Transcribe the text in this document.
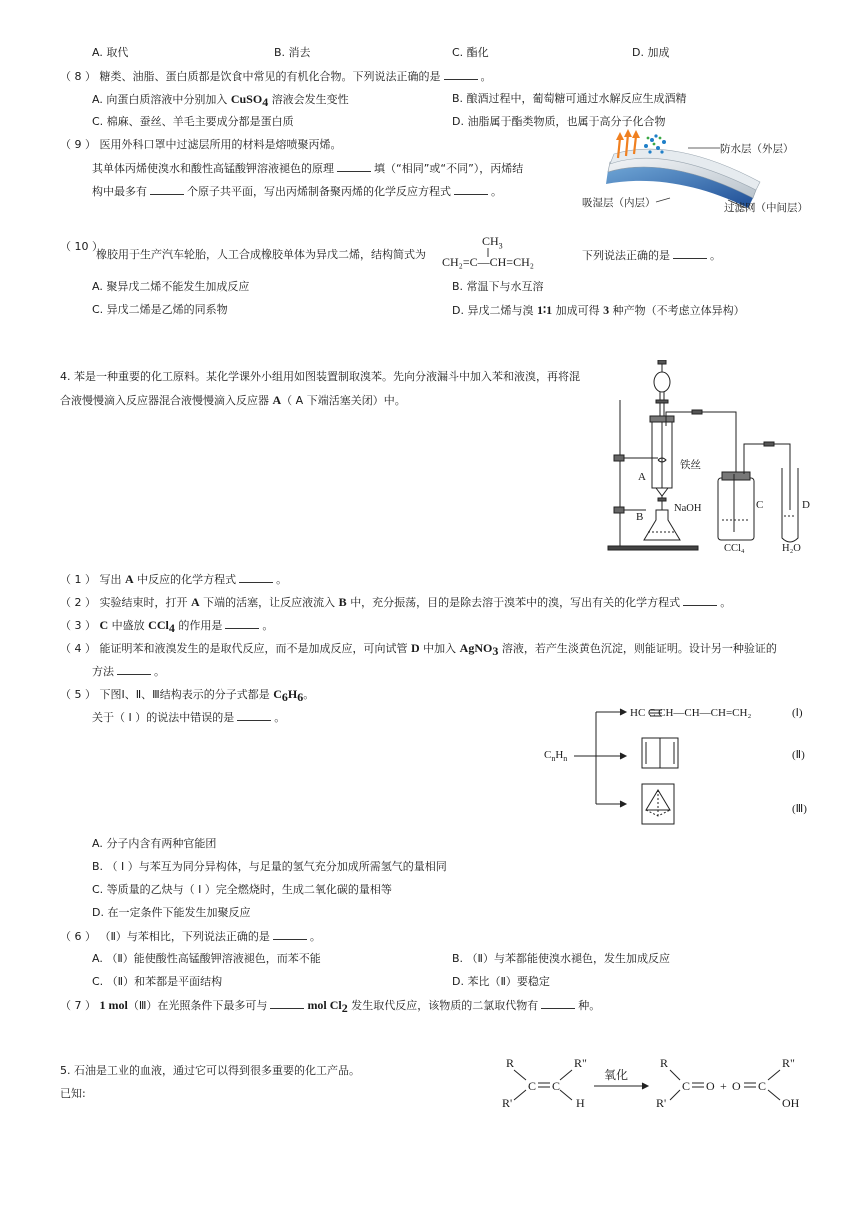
A. 取代	B. 消去	C. 酯化	D. 加成
（ 8 ） 糖类、油脂、蛋白质都是饮食中常见的有机化合物。下列说法正确的是	。
A. 向蛋白质溶液中分别加入 CuSO$_4$ 溶液会发生变性	B. 酿酒过程中，葡萄糖可通过水解反应生成酒精
C. 棉麻、蚕丝、羊毛主要成分都是蛋白质	D. 油脂属于酯类物质，也属于高分子化合物
（ 9 ） 医用外科口罩中过滤层所用的材料是熔喷聚丙烯。
其单体丙烯使溴水和酸性高锰酸钾溶液褪色的原理	填（“相同”或“不同”），丙烯结
构中最多有	个原子共平面，写出丙烯制备聚丙烯的化学反应方程式	。
防水层（外层）
吸湿层（内层）	过滤网（中间层）
（ 10 ）
橡胶用于生产汽车轮胎，人工合成橡胶单体为异戊二烯，结构简式为
$CH_3$
CH₂=C—CH=CH₂	下列说法正确的是	。
A. 聚异戊二烯不能发生加成反应	B. 常温下与水互溶
C. 异戊二烯是乙烯的同系物	D. 异戊二烯与溴 1∶1 加成可得 3 种产物（不考虑立体异构）
4. 苯是一种重要的化工原料。某化学课外小组用如图装置制取溴苯。先向分液漏斗中加入苯和液溴，再将混
合液慢慢滴入反应器混合液慢慢滴入反应器 A（ A 下端活塞关闭）中。
铁丝
A
B
NaOH	C
CCl₄
D
H₂O
（ 1 ） 写出 A 中反应的化学方程式	。
（ 2 ） 实验结束时，打开 A 下端的活塞，让反应液流入 B 中，充分振荡，目的是除去溶于溴苯中的溴，写出有关的化学方程式	。
（ 3 ） C 中盛放 CCl$_4$ 的作用是	。
（ 4 ） 能证明苯和液溴发生的是取代反应，而不是加成反应，可向试管 D 中加入 AgNO$_3$ 溶液，若产生淡黄色沉淀，则能证明。设计另一种验证的
方法	。
（ 5 ） 下图Ⅰ、Ⅱ、Ⅲ结构表示的分子式都是 $C_6H_6$。
关于（ I ）的说法中错误的是	。
$C_nH_n$
HC C CH—CH—CH=CH₂	(Ⅰ)
(Ⅱ)
(Ⅲ)
A. 分子内含有两种官能团
B. （ I ）与苯互为同分异构体，与足量的氢气充分加成所需氢气的量相同
C. 等质量的乙炔与（ I ）完全燃烧时，生成二氧化碳的量相等
D. 在一定条件下能发生加聚反应
（ 6 ） （Ⅱ）与苯相比，下列说法正确的是	。
A. （Ⅱ）能使酸性高锰酸钾溶液褪色，而苯不能	B. （Ⅱ）与苯都能使溴水褪色，发生加成反应
C. （Ⅱ）和苯都是平面结构	D. 苯比（Ⅱ）要稳定
（ 7 ） 1 mol（Ⅲ）在光照条件下最多可与	mol $Cl_2$ 发生取代反应，该物质的二氯取代物有	种。
5. 石油是工业的血液，通过它可以得到很多重要的化工产品。
已知:
R
R'
C C
R"
H
氧化
R
R'
C O + O C
R"
OH
